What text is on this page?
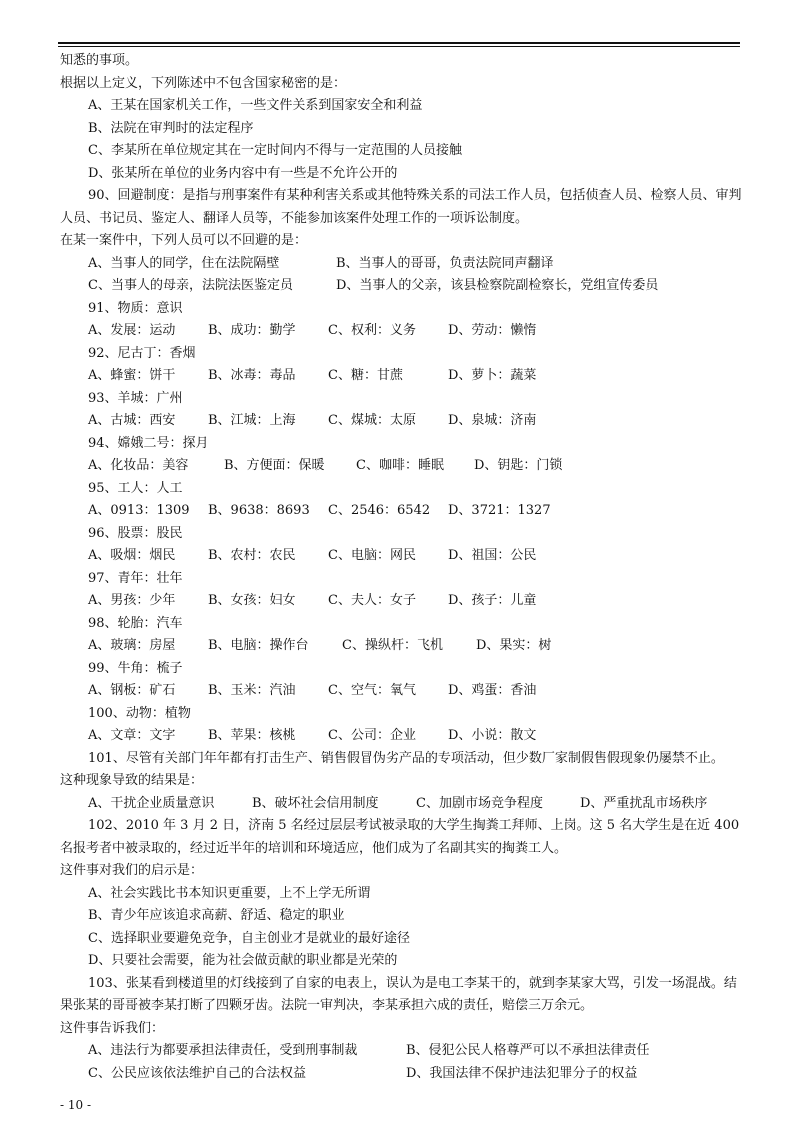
知悉的事项。
根据以上定义，下列陈述中不包含国家秘密的是：
A、王某在国家机关工作，一些文件关系到国家安全和利益
B、法院在审判时的法定程序
C、李某所在单位规定其在一定时间内不得与一定范围的人员接触
D、张某所在单位的业务内容中有一些是不允许公开的
90、回避制度：是指与刑事案件有某种利害关系或其他特殊关系的司法工作人员，包括侦查人员、检察人员、审判人员、书记员、鉴定人、翻译人员等，不能参加该案件处理工作的一项诉讼制度。
在某一案件中，下列人员可以不回避的是：
A、当事人的同学，住在法院隔壁	B、当事人的哥哥，负责法院同声翻译
C、当事人的母亲，法院法医鉴定员	D、当事人的父亲，该县检察院副检察长，党组宣传委员
91、物质：意识
A、发展：运动	B、成功：勤学 C、权利：义务 D、劳动：懒惰
92、尼古丁：香烟
A、蜂蜜：饼干	B、冰毒：毒品 C、糖：甘蔗	D、萝卜：蔬菜
93、羊城：广州
A、古城：西安	B、江城：上海 C、煤城：太原 D、泉城：济南
94、嫦娥二号：探月
A、化妆品：美容	B、方便面：保暖 C、咖啡：睡眠 D、钥匙：门锁
95、工人：人工
A、0913：1309 B、9638：8693 C、2546：6542 D、3721：1327
96、股票：股民
A、吸烟：烟民	B、农村：农民 C、电脑：网民 D、祖国：公民
97、青年：壮年
A、男孩：少年	B、女孩：妇女 C、夫人：女子 D、孩子：儿童
98、轮胎：汽车
A、玻璃：房屋	B、电脑：操作台	C、操纵杆：飞机	D、果实：树
99、牛角：梳子
A、钢板：矿石	B、玉米：汽油 C、空气：氧气 D、鸡蛋：香油
100、动物：植物
A、文章：文字	B、苹果：核桃 C、公司：企业 D、小说：散文
101、尽管有关部门年年都有打击生产、销售假冒伪劣产品的专项活动，但少数厂家制假售假现象仍屡禁不止。
这种现象导致的结果是：
A、干扰企业质量意识	B、破坏社会信用制度	C、加剧市场竞争程度	D、严重扰乱市场秩序
102、2010 年 3 月 2 日，济南 5 名经过层层考试被录取的大学生掏粪工拜师、上岗。这 5 名大学生是在近 400 名报考者中被录取的，经过近半年的培训和环境适应，他们成为了名副其实的掏粪工人。
这件事对我们的启示是：
A、社会实践比书本知识更重要，上不上学无所谓
B、青少年应该追求高薪、舒适、稳定的职业
C、选择职业要避免竞争，自主创业才是就业的最好途径
D、只要社会需要，能为社会做贡献的职业都是光荣的
103、张某看到楼道里的灯线接到了自家的电表上，误认为是电工李某干的，就到李某家大骂，引发一场混战。结果张某的哥哥被李某打断了四颗牙齿。法院一审判决，李某承担六成的责任，赔偿三万余元。
这件事告诉我们：
A、违法行为都要承担法律责任，受到刑事制裁	B、侵犯公民人格尊严可以不承担法律责任
C、公民应该依法维护自己的合法权益	D、我国法律不保护违法犯罪分子的权益
- 10 -
